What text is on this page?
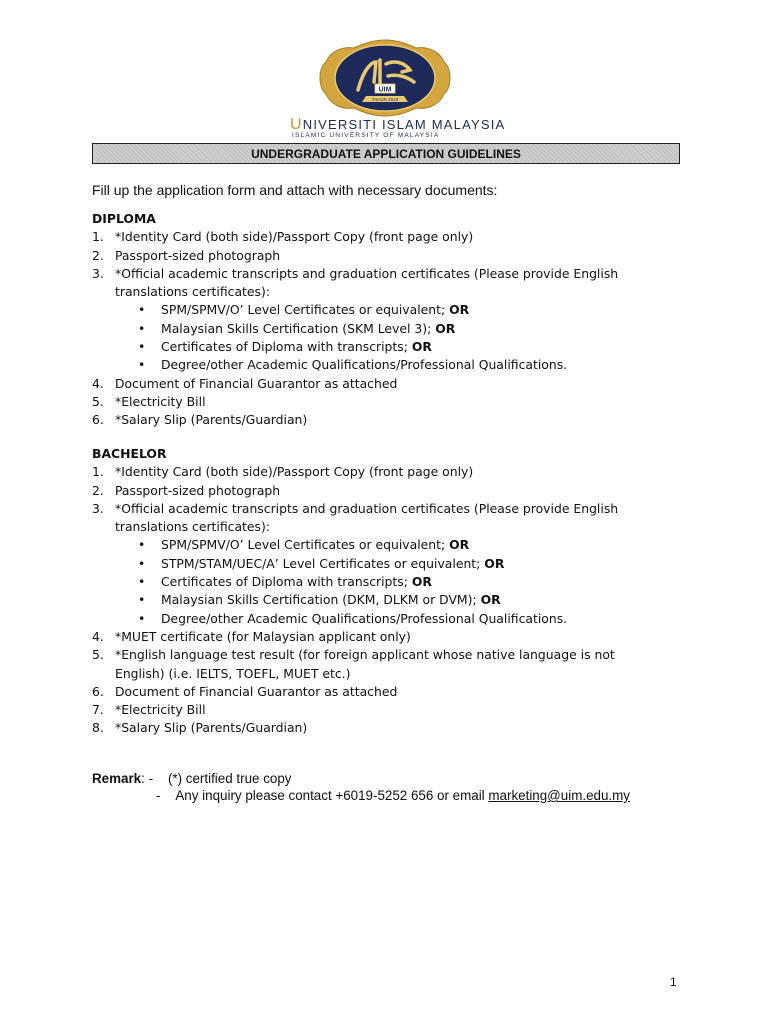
UIM
TAHUN 2018
UNIVERSITI ISLAM MALAYSIA
ISLAMIC UNIVERSITY OF MALAYSIA
UNDERGRADUATE APPLICATION GUIDELINES
Fill up the application form and attach with necessary documents:
DIPLOMA
1. *Identity Card (both side)/Passport Copy (front page only)
2. Passport-sized photograph
3. *Official academic transcripts and graduation certificates (Please provide English
translations certificates):
•	SPM/SPMV/O’ Level Certificates or equivalent; OR
•	Malaysian Skills Certification (SKM Level 3); OR
•	Certificates of Diploma with transcripts; OR
•	Degree/other Academic Qualifications/Professional Qualifications.
4. Document of Financial Guarantor as attached
5. *Electricity Bill
6. *Salary Slip (Parents/Guardian)
BACHELOR
1. *Identity Card (both side)/Passport Copy (front page only)
2. Passport-sized photograph
3. *Official academic transcripts and graduation certificates (Please provide English
translations certificates):
•	SPM/SPMV/O’ Level Certificates or equivalent; OR
•	STPM/STAM/UEC/A’ Level Certificates or equivalent; OR
•	Certificates of Diploma with transcripts; OR
•	Malaysian Skills Certification (DKM, DLKM or DVM); OR
•	Degree/other Academic Qualifications/Professional Qualifications.
4. *MUET certificate (for Malaysian applicant only)
5. *English language test result (for foreign applicant whose native language is not
English) (i.e. IELTS, TOEFL, MUET etc.)
6. Document of Financial Guarantor as attached
7. *Electricity Bill
8. *Salary Slip (Parents/Guardian)
Remark: - (*) certified true copy
- Any inquiry please contact +6019-5252 656 or email marketing@uim.edu.my
1
